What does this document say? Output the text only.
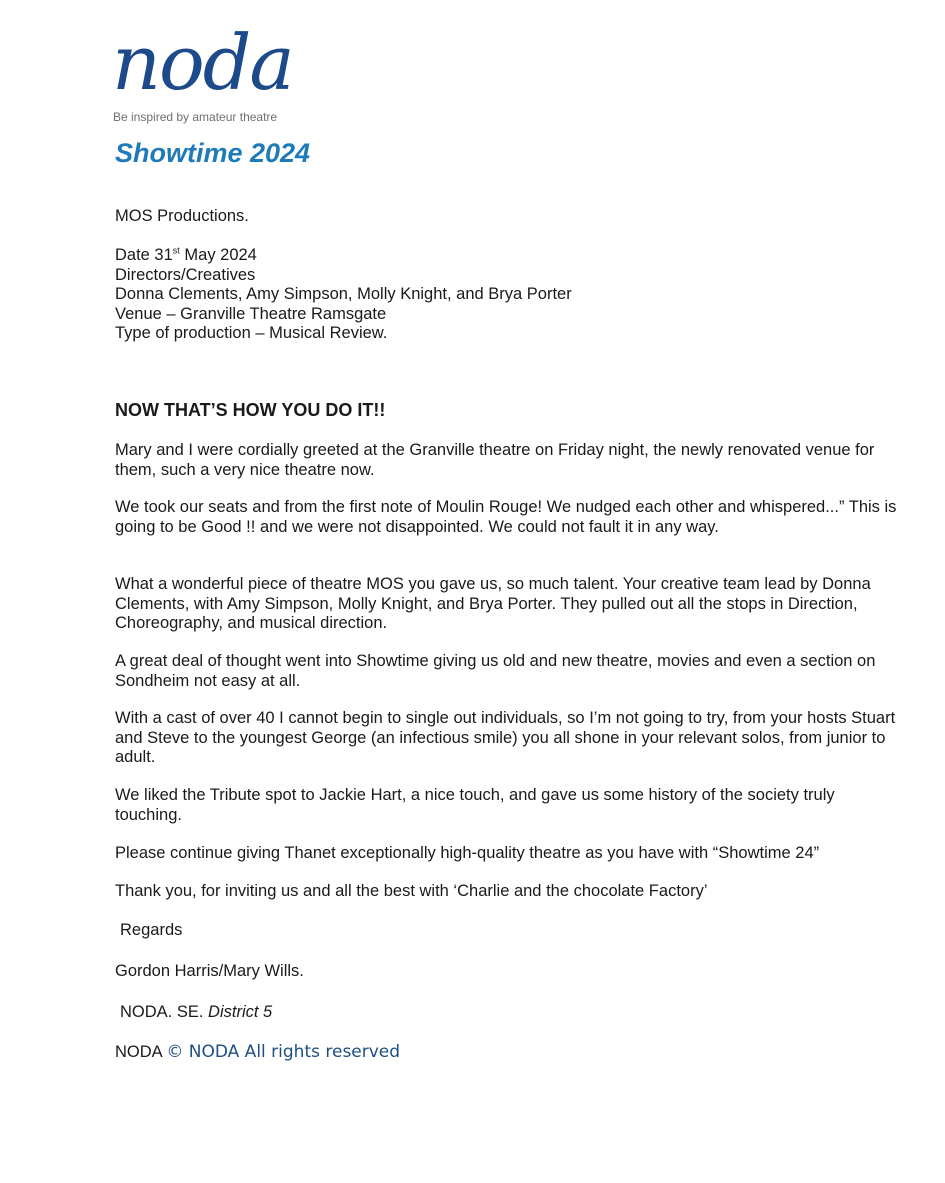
noda
Be inspired by amateur theatre
Showtime 2024

MOS Productions.

Date 31st May 2024

Directors/Creatives

Donna Clements, Amy Simpson, Molly Knight, and Brya Porter

Venue – Granville Theatre Ramsgate

Type of production – Musical Review.

NOW THAT’S HOW YOU DO IT!!

Mary and I were cordially greeted at the Granville theatre on Friday night, the newly renovated venue for them, such a very nice theatre now.

We took our seats and from the first note of Moulin Rouge! We nudged each other and whispered...” This is going to be Good !! and we were not disappointed. We could not fault it in any way.

What a wonderful piece of theatre MOS you gave us, so much talent. Your creative team lead by Donna Clements, with Amy Simpson, Molly Knight, and Brya Porter. They pulled out all the stops in Direction, Choreography, and musical direction.

A great deal of thought went into Showtime giving us old and new theatre, movies and even a section on Sondheim not easy at all.

With a cast of over 40 I cannot begin to single out individuals, so I’m not going to try, from your hosts Stuart and Steve to the youngest George (an infectious smile) you all shone in your relevant solos, from junior to adult.

We liked the Tribute spot to Jackie Hart, a nice touch, and gave us some history of the society truly touching.

Please continue giving Thanet exceptionally high-quality theatre as you have with “Showtime 24”

Thank you, for inviting us and all the best with ‘Charlie and the chocolate Factory’

Regards

Gordon Harris/Mary Wills.

NODA. SE. District 5

NODA © NODA All rights reserved
